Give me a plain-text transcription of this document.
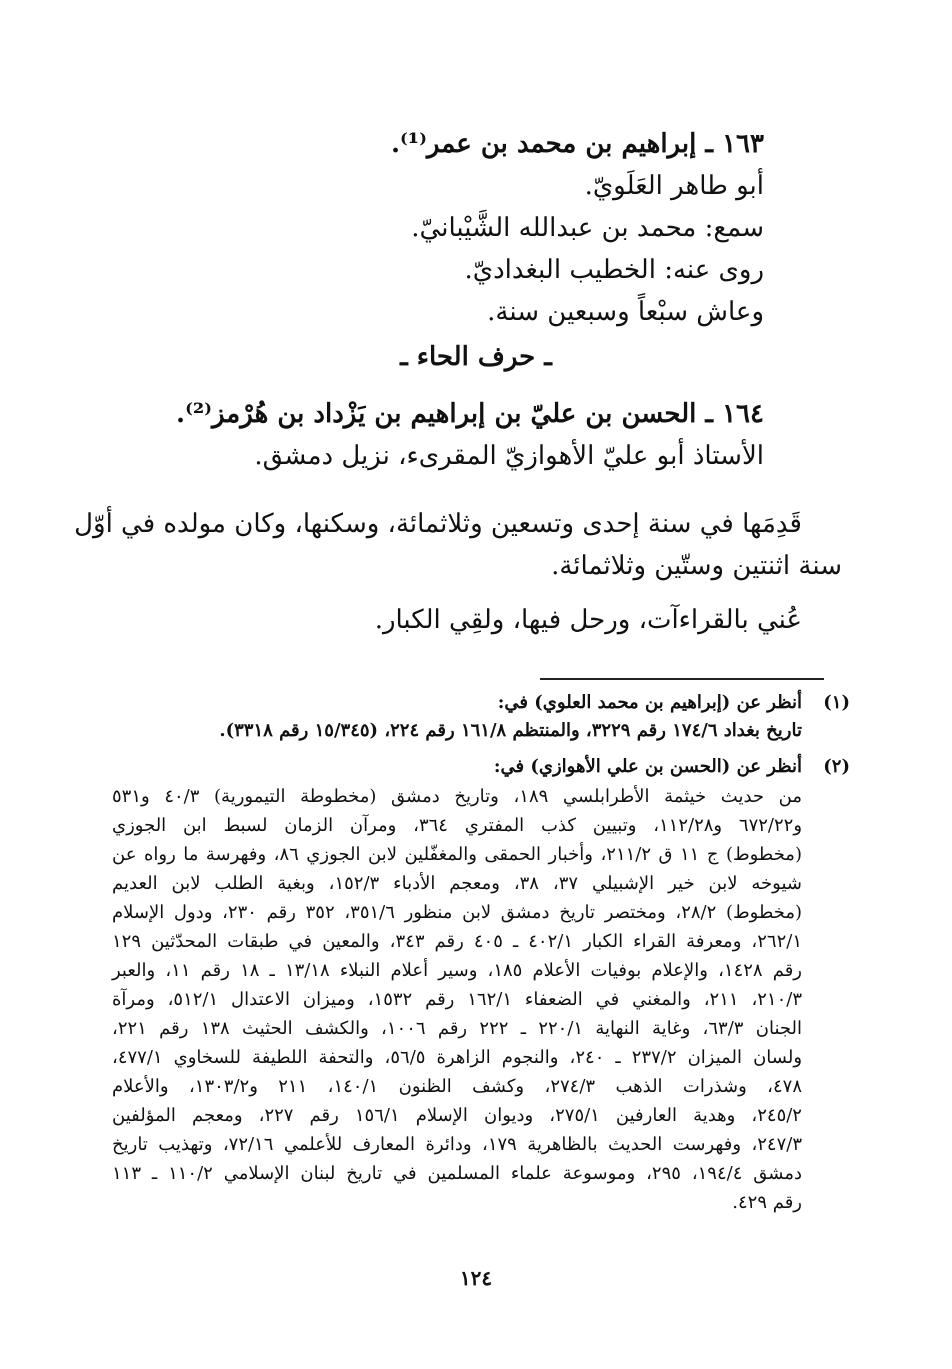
١٦٣ ـ إبراهيم بن محمد بن عمر⁽¹⁾.

أبو طاهر العَلَويّ.

سمع: محمد بن عبدالله الشَّيْبانيّ.

روى عنه: الخطيب البغداديّ.

وعاش سبْعاً وسبعين سنة.

ـ حرف الحاء ـ

١٦٤ ـ الحسن بن عليّ بن إبراهيم بن يَزْداد بن هُرْمز⁽²⁾.

الأستاذ أبو عليّ الأهوازيّ المقرىء، نزيل دمشق.

قَدِمَها في سنة إحدى وتسعين وثلاثمائة، وسكنها، وكان مولده في أوّل

سنة اثنتين وستّين وثلاثمائة.

عُني بالقراءآت، ورحل فيها، ولقِي الكبار.

(١)

أنظر عن (إبراهيم بن محمد العلوي) في:

تاريخ بغداد ١٧٤/٦ رقم ٣٢٢٩، والمنتظم ١٦١/٨ رقم ٢٢٤، (١٥/٣٤٥ رقم ٣٣١٨).

(٢)

أنظر عن (الحسن بن علي الأهوازي) في:

من حديث خيثمة الأطرابلسي ١٨٩، وتاريخ دمشق (مخطوطة التيمورية) ٤٠/٣ و٥٣١

و٦٧٢/٢٢ و١١٢/٢٨، وتبيين كذب المفتري ٣٦٤، ومرآن الزمان لسبط ابن الجوزي

(مخطوط) ج ١١ ق ٢١١/٢، وأخبار الحمقى والمغفّلين لابن الجوزي ٨٦، وفهرسة ما رواه عن

شيوخه لابن خير الإشبيلي ٣٧، ٣٨، ومعجم الأدباء ١٥٢/٣، وبغية الطلب لابن العديم

(مخطوط) ٢٨/٢، ومختصر تاريخ دمشق لابن منظور ٣٥١/٦، ٣٥٢ رقم ٢٣٠، ودول الإسلام

٢٦٢/١، ومعرفة القراء الكبار ٤٠٢/١ ـ ٤٠٥ رقم ٣٤٣، والمعين في طبقات المحدّثين ١٢٩

رقم ١٤٢٨، والإعلام بوفيات الأعلام ١٨٥، وسير أعلام النبلاء ١٣/١٨ ـ ١٨ رقم ١١، والعبر

٢١٠/٣، ٢١١، والمغني في الضعفاء ١٦٢/١ رقم ١٥٣٢، وميزان الاعتدال ٥١٢/١، ومرآة

الجنان ٦٣/٣، وغاية النهاية ٢٢٠/١ ـ ٢٢٢ رقم ١٠٠٦، والكشف الحثيث ١٣٨ رقم ٢٢١،

ولسان الميزان ٢٣٧/٢ ـ ٢٤٠، والنجوم الزاهرة ٥٦/٥، والتحفة اللطيفة للسخاوي ٤٧٧/١،

٤٧٨، وشذرات الذهب ٢٧٤/٣، وكشف الظنون ١٤٠/١، ٢١١ و١٣٠٣/٢، والأعلام

٢٤٥/٢، وهدية العارفين ٢٧٥/١، وديوان الإسلام ١٥٦/١ رقم ٢٢٧، ومعجم المؤلفين

٢٤٧/٣، وفهرست الحديث بالظاهرية ١٧٩، ودائرة المعارف للأعلمي ٧٢/١٦، وتهذيب تاريخ

دمشق ١٩٤/٤، ٢٩٥، وموسوعة علماء المسلمين في تاريخ لبنان الإسلامي ١١٠/٢ ـ ١١٣

رقم ٤٢٩.

١٢٤
